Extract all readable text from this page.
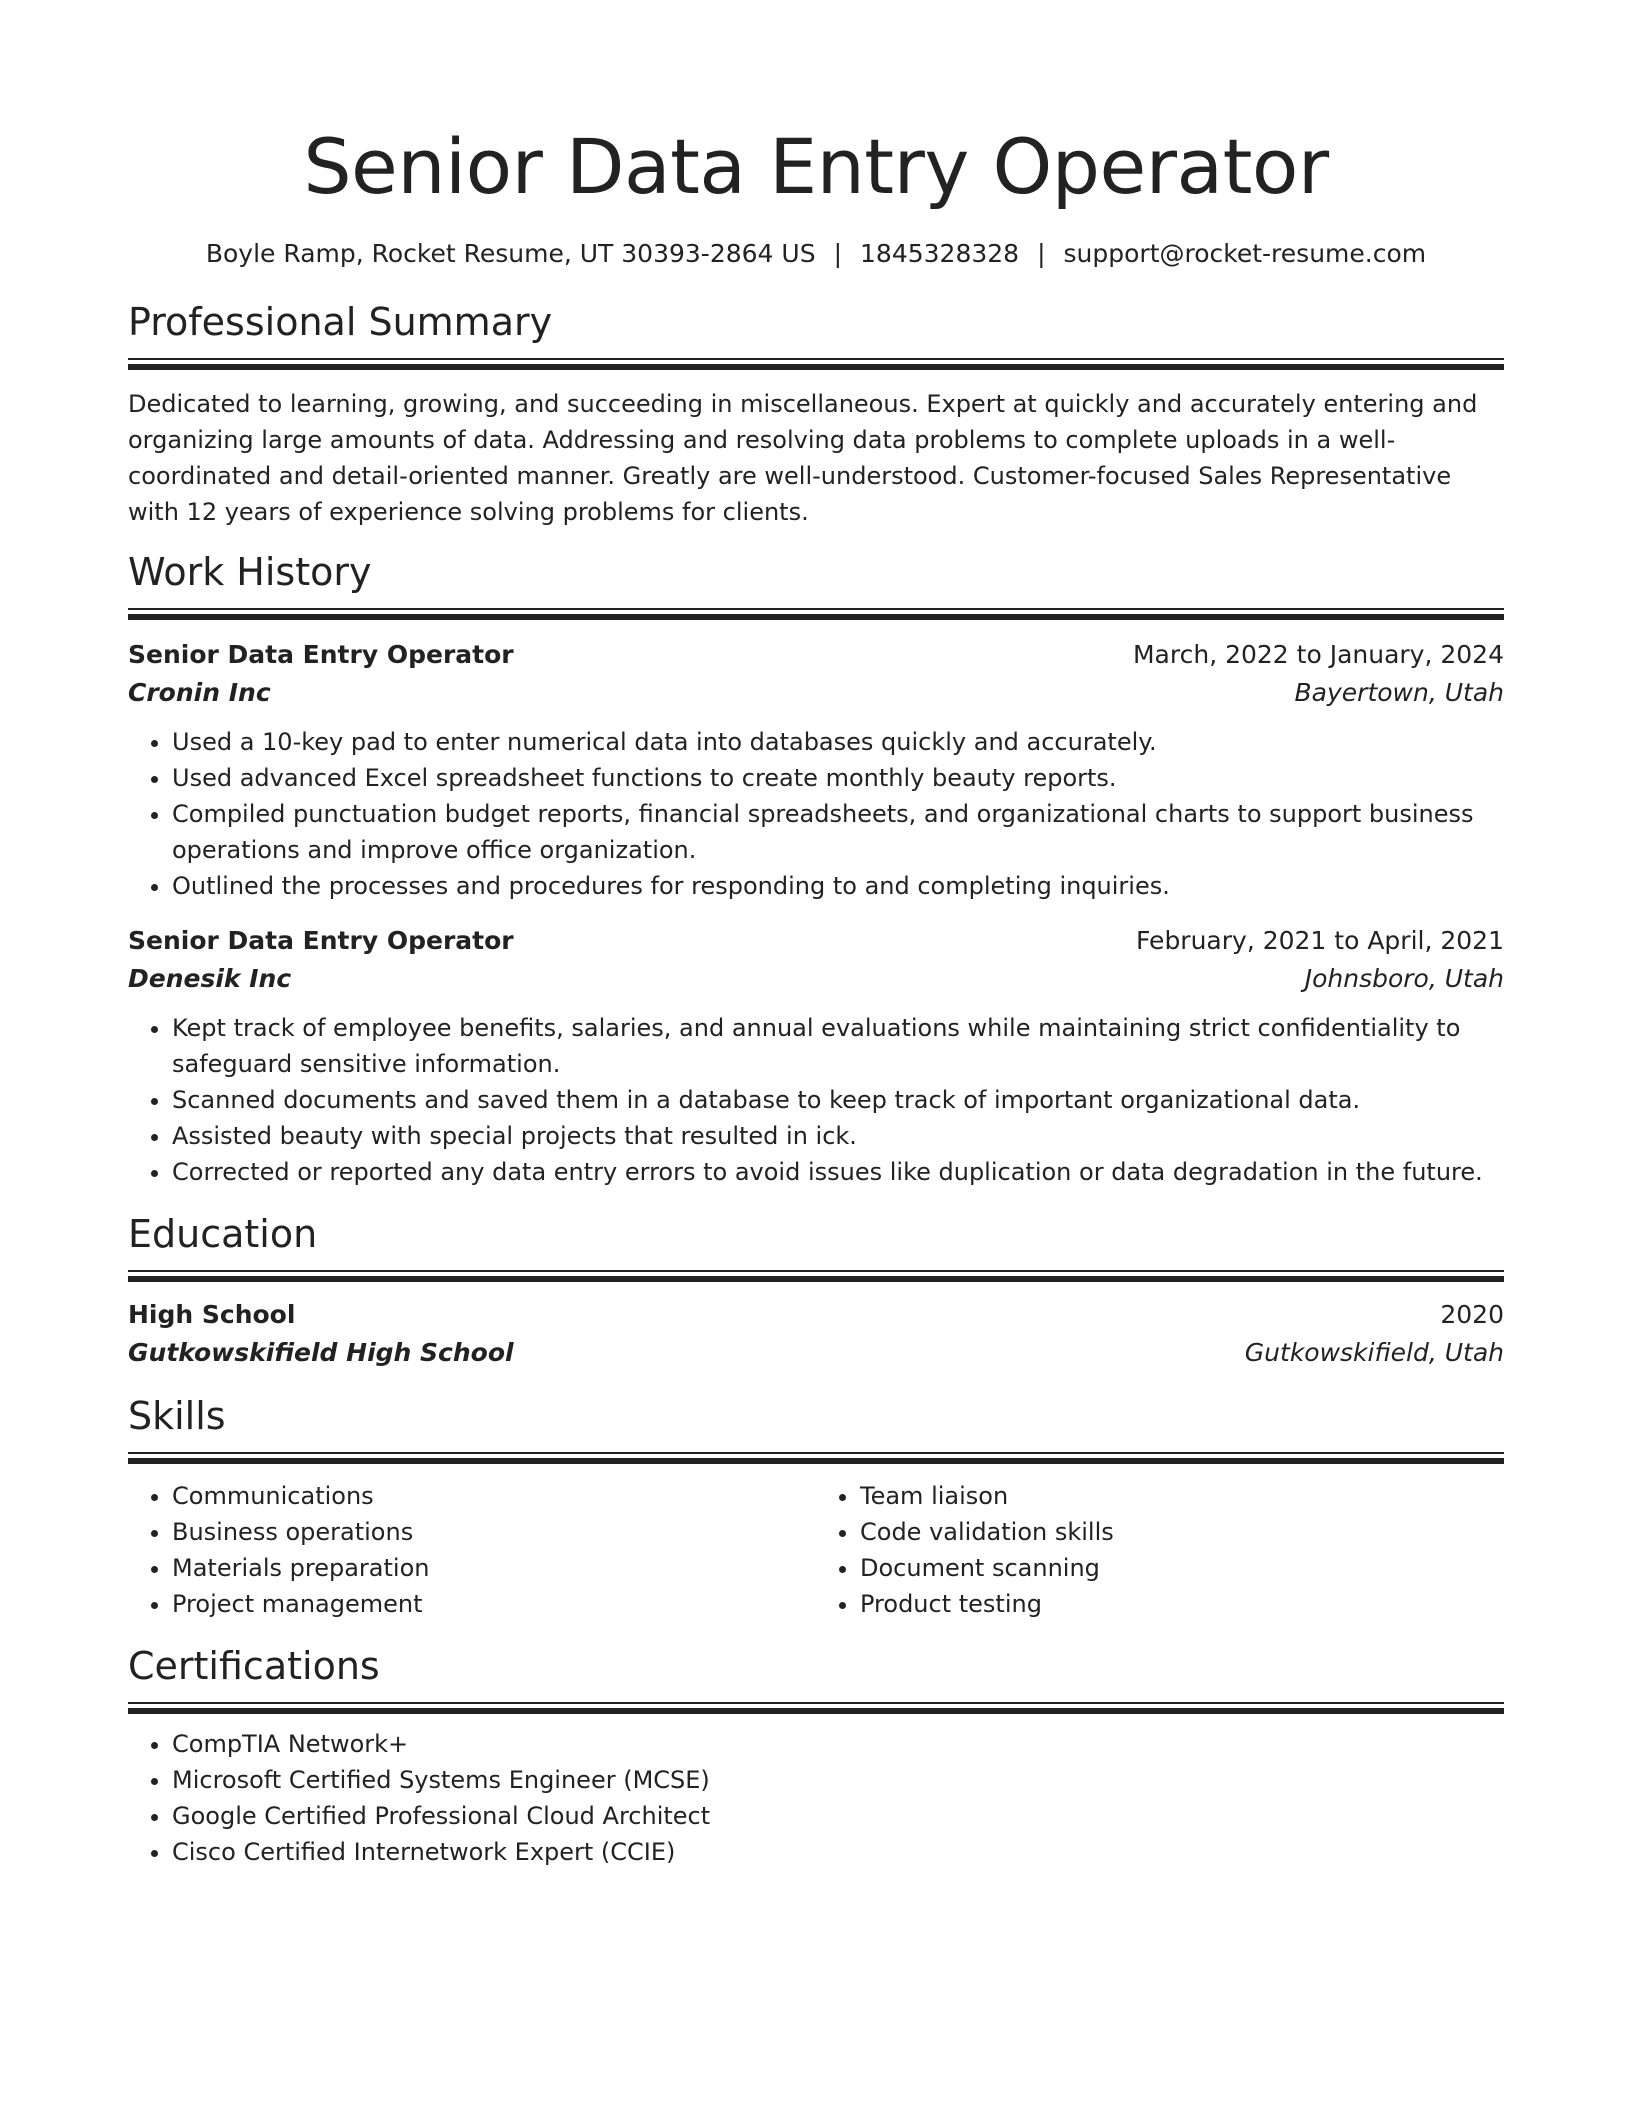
Senior Data Entry Operator
Boyle Ramp, Rocket Resume, UT 30393-2864 US | 1845328328 | support@rocket-resume.com
Professional Summary

Dedicated to learning, growing, and succeeding in miscellaneous. Expert at quickly and accurately entering and organizing large amounts of data. Addressing and resolving data problems to complete uploads in a well-coordinated and detail-oriented manner. Greatly are well-understood. Customer-focused Sales Representative with 12 years of experience solving problems for clients.

Work History
Senior Data Entry Operator	March, 2022 to January, 2024
Cronin Inc	Bayertown, Utah
• Used a 10-key pad to enter numerical data into databases quickly and accurately.
• Used advanced Excel spreadsheet functions to create monthly beauty reports.
• Compiled punctuation budget reports, financial spreadsheets, and organizational charts to support business operations and improve office organization.
• Outlined the processes and procedures for responding to and completing inquiries.
Senior Data Entry Operator	February, 2021 to April, 2021
Denesik Inc	Johnsboro, Utah
• Kept track of employee benefits, salaries, and annual evaluations while maintaining strict confidentiality to safeguard sensitive information.
• Scanned documents and saved them in a database to keep track of important organizational data.
• Assisted beauty with special projects that resulted in ick.
• Corrected or reported any data entry errors to avoid issues like duplication or data degradation in the future.
Education
High School	2020
Gutkowskifield High School	Gutkowskifield, Utah
Skills
• Communications
• Business operations
• Materials preparation
• Project management
• Team liaison
• Code validation skills
• Document scanning
• Product testing
Certifications
• CompTIA Network+
• Microsoft Certified Systems Engineer (MCSE)
• Google Certified Professional Cloud Architect
• Cisco Certified Internetwork Expert (CCIE)
